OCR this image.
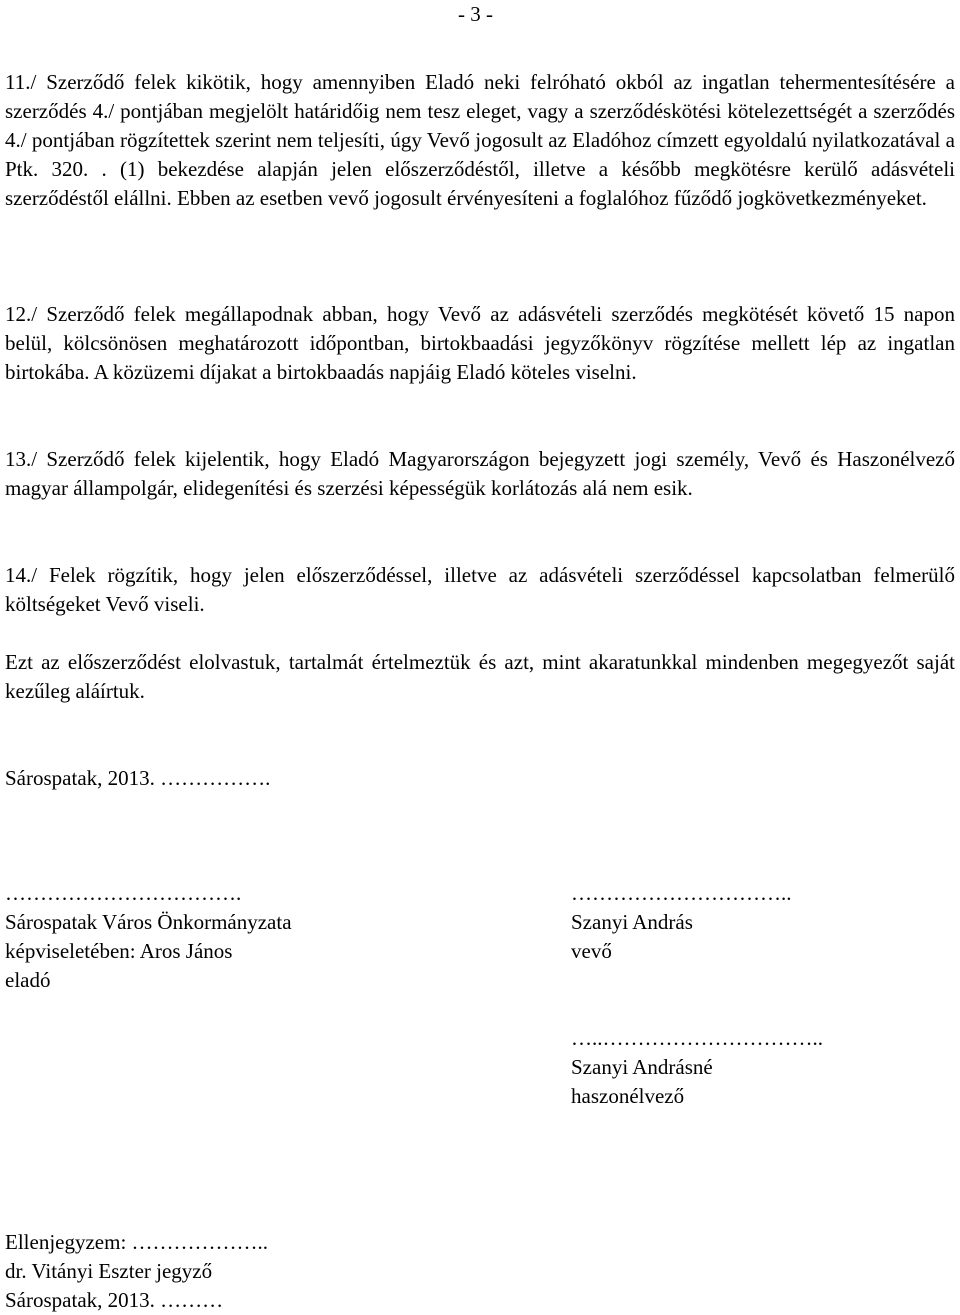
- 3 -

11./ Szerződő felek kikötik, hogy amennyiben Eladó neki felróható okból az ingatlan tehermentesítésére a szerződés 4./ pontjában megjelölt határidőig nem tesz eleget, vagy a szerződéskötési kötelezettségét a szerződés 4./ pontjában rögzítettek szerint nem teljesíti, úgy Vevő jogosult az Eladóhoz címzett egyoldalú nyilatkozatával a Ptk. 320. . (1) bekezdése alapján jelen előszerződéstől, illetve a később megkötésre kerülő adásvételi szerződéstől elállni. Ebben az esetben vevő jogosult érvényesíteni a foglalóhoz fűződő jogkövetkezményeket.

12./ Szerződő felek megállapodnak abban, hogy Vevő az adásvételi szerződés megkötését követő 15 napon belül, kölcsönösen meghatározott időpontban, birtokbaadási jegyzőkönyv rögzítése mellett lép az ingatlan birtokába. A közüzemi díjakat a birtokbaadás napjáig Eladó köteles viselni.

13./ Szerződő felek kijelentik, hogy Eladó Magyarországon bejegyzett jogi személy, Vevő és Haszonélvező magyar állampolgár, elidegenítési és szerzési képességük korlátozás alá nem esik.

14./ Felek rögzítik, hogy jelen előszerződéssel, illetve az adásvételi szerződéssel kapcsolatban felmerülő költségeket Vevő viseli.

Ezt az előszerződést elolvastuk, tartalmát értelmeztük és azt, mint akaratunkkal mindenben megegyezőt saját kezűleg aláírtuk.

Sárospatak, 2013. …………….
…………………………….
Sárospatak Város Önkormányzata
képviseletében: Aros János
eladó
…………………………..
Szanyi András
vevő
…..…………………………..
Szanyi Andrásné
haszonélvező
Ellenjegyzem: ………………..
dr. Vitányi Eszter jegyző
Sárospatak, 2013. ………
